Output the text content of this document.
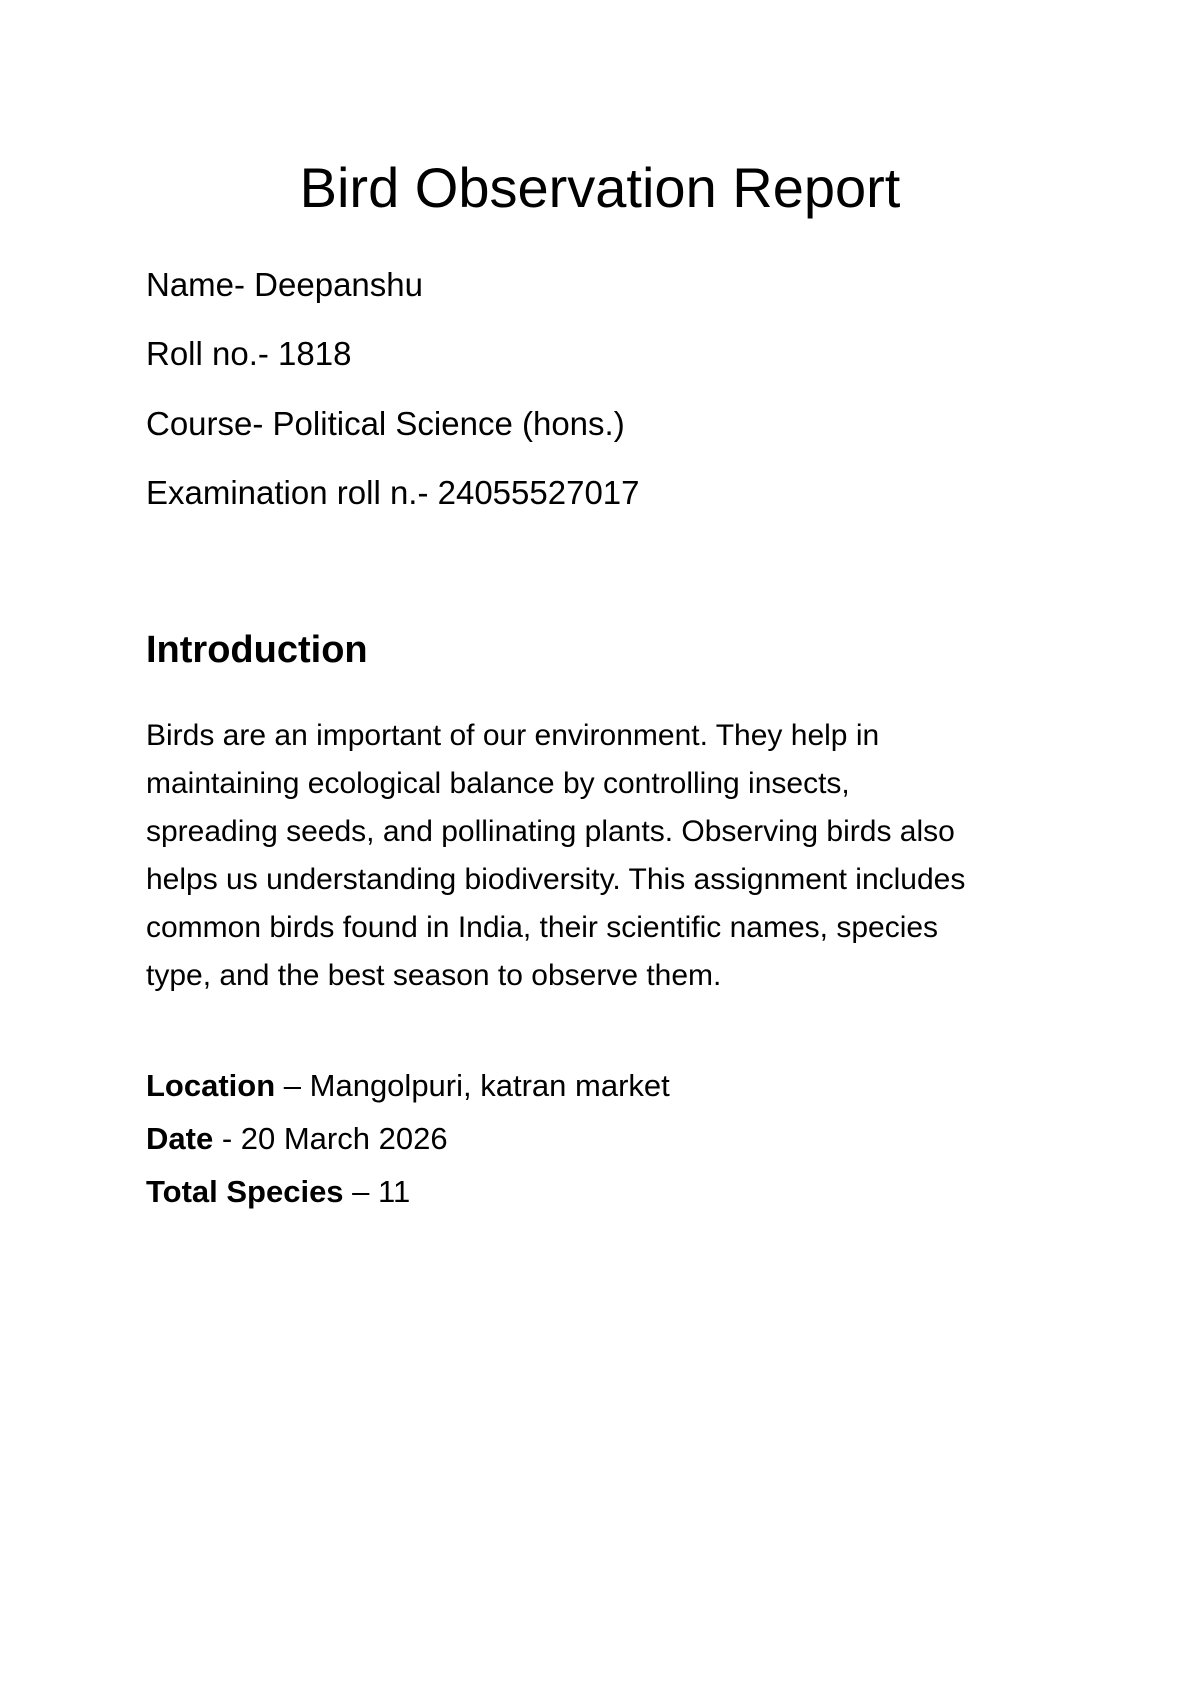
Bird Observation Report

Name- Deepanshu

Roll no.- 1818

Course- Political Science (hons.)

Examination roll n.- 24055527017

Introduction

Birds are an important of our environment. They help in
maintaining ecological balance by controlling insects,
spreading seeds, and pollinating plants. Observing birds also
helps us understanding biodiversity. This assignment includes
common birds found in India, their scientific names, species
type, and the best season to observe them.

Location – Mangolpuri, katran market

Date - 20 March 2026

Total Species – 11
